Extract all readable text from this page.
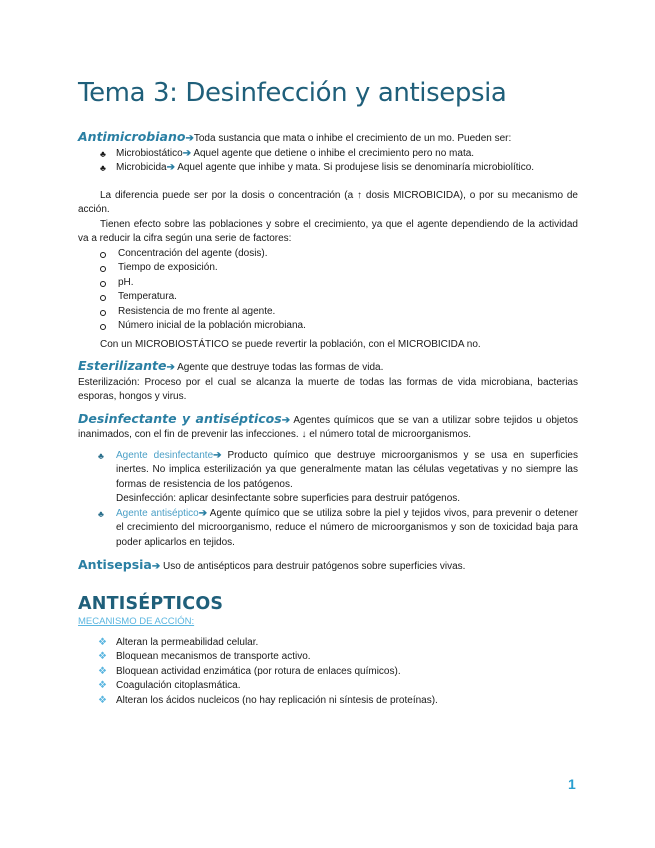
Tema 3: Desinfección y antisepsia

Antimicrobiano➔Toda sustancia que mata o inhibe el crecimiento de un mo. Pueden ser:

♣ Microbiostático➔ Aquel agente que detiene o inhibe el crecimiento pero no mata.
♣ Microbicida➔ Aquel agente que inhibe y mata. Si produjese lisis se denominaría microbiolítico.

La diferencia puede ser por la dosis o concentración (a ↑ dosis MICROBICIDA), o por su mecanismo de acción.

Tienen efecto sobre las poblaciones y sobre el crecimiento, ya que el agente dependiendo de la actividad va a reducir la cifra según una serie de factores:

Concentración del agente (dosis).
Tiempo de exposición.
pH.
Temperatura.
Resistencia de mo frente al agente.
Número inicial de la población microbiana.

Con un MICROBIOSTÁTICO se puede revertir la población, con el MICROBICIDA no.

Esterilizante➔ Agente que destruye todas las formas de vida.

Esterilización: Proceso por el cual se alcanza la muerte de todas las formas de vida microbiana, bacterias esporas, hongos y virus.

Desinfectante y antisépticos➔ Agentes químicos que se van a utilizar sobre tejidos u objetos inanimados, con el fin de prevenir las infecciones. ↓ el número total de microorganismos.

♣ Agente desinfectante➔ Producto químico que destruye microorganismos y se usa en superficies inertes. No implica esterilización ya que generalmente matan las células vegetativas y no siempre las formas de resistencia de los patógenos.

Desinfección: aplicar desinfectante sobre superficies para destruir patógenos.

♣ Agente antiséptico➔ Agente químico que se utiliza sobre la piel y tejidos vivos, para prevenir o detener el crecimiento del microorganismo, reduce el número de microorganismos y son de toxicidad baja para poder aplicarlos en tejidos.

Antisepsia➔ Uso de antisépticos para destruir patógenos sobre superficies vivas.

ANTISÉPTICOS
MECANISMO DE ACCIÓN:
❖ Alteran la permeabilidad celular.
❖ Bloquean mecanismos de transporte activo.
❖ Bloquean actividad enzimática (por rotura de enlaces químicos).
❖ Coagulación citoplasmática.
❖ Alteran los ácidos nucleicos (no hay replicación ni síntesis de proteínas).
1
